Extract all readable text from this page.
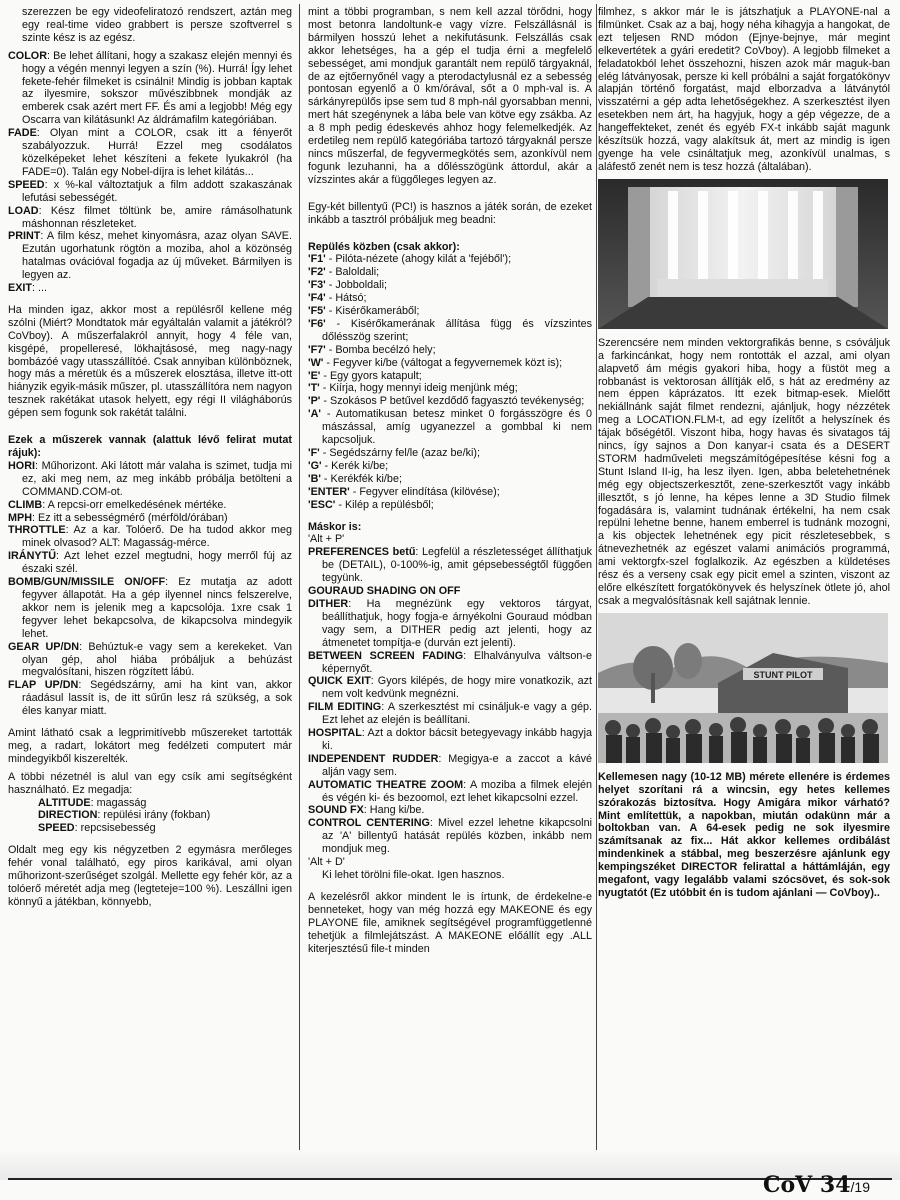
szerezzen be egy videofeliratozó rendszert, aztán meg egy real-time video grabbert is persze szoftverrel s szinte kész is az egész.

COLOR: Be lehet állítani, hogy a szakasz elején mennyi és hogy a végén mennyi legyen a szín (%). Hurrá! Így lehet fekete-fehér filmeket is csinálni! Mindig is jobban kaptak az ilyesmire, sokszor művészibbnek mondják az emberek csak azért mert FF. És ami a legjobb! Még egy Oscarra van kilátásunk! Az áldrámafilm kategóriában.

FADE: Olyan mint a COLOR, csak itt a fényerőt szabályozzuk. Hurrá! Ezzel meg csodálatos közelképeket lehet készíteni a fekete lyukakról (ha FADE=0). Talán egy Nobel-díjra is lehet kilátás...

SPEED: x %-kal változtatjuk a film addott szakaszának lefutási sebességét.

LOAD: Kész filmet töltünk be, amire rámásolhatunk máshonnan részleteket.

PRINT: A film kész, mehet kinyomásra, azaz olyan SAVE. Ezután ugorhatunk rögtön a moziba, ahol a közönség hatalmas ovációval fogadja az új műveket. Bármilyen is legyen az.

EXIT: ...

Ha minden igaz, akkor most a repülésről kellene még szólni (Miért? Mondtatok már egyáltalán valamit a játékról? CoVboy). A műszerfalakról annyit, hogy 4 féle van, kisgépé, propelleresé, lökhajtásosé, meg nagy-nagy bombázóé vagy utasszállítóé. Csak annyiban különböznek, hogy más a méretük és a műszerek elosztása, illetve itt-ott hiányzik egyik-másik műszer, pl. utasszállítóra nem nagyon tesznek rakétákat utasok helyett, egy régi II világháborús gépen sem fogunk sok rakétát találni.

Ezek a műszerek vannak (alattuk lévő felirat mutat rájuk):

HORI: Műhorizont. Aki látott már valaha is szimet, tudja mi ez, aki meg nem, az meg inkább próbálja betölteni a COMMAND.COM-ot.

CLIMB: A repcsi-orr emelkedésének mértéke.

MPH: Ez itt a sebességmérő (mérföld/órában)

THROTTLE: Az a kar. Tolóerő. De ha tudod akkor meg minek olvasod? ALT: Magasság-mérce.

IRÁNYTŰ: Azt lehet ezzel megtudni, hogy merről fúj az északi szél.

BOMB/GUN/MISSILE ON/OFF: Ez mutatja az adott fegyver állapotát. Ha a gép ilyennel nincs felszerelve, akkor nem is jelenik meg a kapcsolója. 1xre csak 1 fegyver lehet bekapcsolva, de kikapcsolva mindegyik lehet.

GEAR UP/DN: Behúztuk-e vagy sem a kerekeket. Van olyan gép, ahol hiába próbáljuk a behúzást megvalósítani, hiszen rögzített lábú.

FLAP UP/DN: Segédszárny, ami ha kint van, akkor ráadásul lassít is, de itt sűrűn lesz rá szükség, a sok éles kanyar miatt.

Amint látható csak a legprimitívebb műszereket tartották meg, a radart, lokátort meg fedélzeti computert már mindegyikből kiszerelték.

A többi nézetnél is alul van egy csík ami segítségként használható. Ez megadja:

ALTITUDE: magasság

DIRECTION: repülési irány (fokban)

SPEED: repcsisebesség

Oldalt meg egy kis négyzetben 2 egymásra merőleges fehér vonal található, egy piros karikával, ami olyan műhorizont-szerűséget szolgál. Mellette egy fehér kör, az a tolóerő méretét adja meg (legteteje=100 %). Leszállni igen könnyű a játékban, könnyebb,

mint a többi programban, s nem kell azzal törődni, hogy most betonra landoltunk-e vagy vízre. Felszállásnál is bármilyen hosszú lehet a nekifutásunk. Felszállás csak akkor lehetséges, ha a gép el tudja érni a megfelelő sebességet, ami mondjuk garantált nem repülő tárgyaknál, de az ejtőernyőnél vagy a pterodactylusnál ez a sebesség pontosan egyenlő a 0 km/órával, sőt a 0 mph-val is. A sárkányrepülős ipse sem tud 8 mph-nál gyorsabban menni, mert hát szegénynek a lába bele van kötve egy zsákba. Az a 8 mph pedig édeskevés ahhoz hogy felemelkedjék. Az erdetileg nem repülő kategóriába tartozó tárgyaknál persze nincs műszerfal, de fegyvermegkötés sem, azonkívül nem fogunk lezuhanni, ha a dőlésszögünk áttordul, akár a vízszintes akár a függőleges legyen az.

Egy-két billentyű (PC!) is hasznos a játék során, de ezeket inkább a tasztról próbáljuk meg beadni:

Repülés közben (csak akkor):

'F1' - Pilóta-nézete (ahogy kilát a 'fejéből');

'F2' - Baloldali;

'F3' - Jobboldali;

'F4' - Hátsó;

'F5' - Kisérőkameráből;

'F6' - Kisérőkamerának állítása függ és vízszintes dőlésszög szerint;

'F7' - Bomba becélzó hely;

'W' - Fegyver ki/be (váltogat a fegyvernemek közt is);

'E' - Egy gyors katapult;

'T' - Kiírja, hogy mennyi ideig menjünk még;

'P' - Szokásos P betűvel kezdődő fagyasztó tevékenység;

'A' - Automatikusan betesz minket 0 forgásszögre és 0 mászással, amíg ugyanezzel a gombbal ki nem kapcsoljuk.

'F' - Segédszárny fel/le (azaz be/ki);

'G' - Kerék ki/be;

'B' - Kerékfék ki/be;

'ENTER' - Fegyver elindítása (kilövése);

'ESC' - Kilép a repülésből;

Máskor is:

'Alt + P'

PREFERENCES betű: Legfelül a részletességet állíthatjuk be (DETAIL), 0-100%-ig, amit gépsebességtől függően tegyünk.

GOURAUD SHADING ON OFF

DITHER: Ha megnézünk egy vektoros tárgyat, beállíthatjuk, hogy fogja-e árnyékolni Gouraud módban vagy sem, a DITHER pedig azt jelenti, hogy az átmenetet tompítja-e (durván ezt jelenti).

BETWEEN SCREEN FADING: Elhalványulva váltson-e képernyőt.

QUICK EXIT: Gyors kilépés, de hogy mire vonatkozik, azt nem volt kedvünk megnézni.

FILM EDITING: A szerkesztést mi csináljuk-e vagy a gép. Ezt lehet az elején is beállítani.

HOSPITAL: Azt a doktor bácsit betegyevagy inkább hagyja ki.

INDEPENDENT RUDDER: Megigya-e a zaccot a kávé alján vagy sem.

AUTOMATIC THEATRE ZOOM: A moziba a filmek elején és végén ki- és bezoomol, ezt lehet kikapcsolni ezzel.

SOUND FX: Hang ki/be.

CONTROL CENTERING: Mivel ezzel lehetne kikapcsolni az 'A' billentyű hatását repülés közben, inkább nem mondjuk meg.

'Alt + D'

Ki lehet törölni file-okat. Igen hasznos.

A kezelésről akkor mindent le is írtunk, de érdekelne-e benneteket, hogy van még hozzá egy MAKEONE és egy PLAYONE file, amiknek segítségével programfüggetlenné tehetjük a filmlejátszást. A MAKEONE előállít egy .ALL kiterjesztésű file-t minden

filmhez, s akkor már le is játszhatjuk a PLAYONE-nal a filmünket. Csak az a baj, hogy néha kihagyja a hangokat, de ezt teljesen RND módon (Ejnye-bejnye, már megint elkevertétek a gyári eredetit? CoVboy). A legjobb filmeket a feladatokból lehet összehozni, hiszen azok már maguk-ban elég látványosak, persze ki kell próbálni a saját forgatókönyv alapján történő forgatást, majd elborzadva a látványtól visszatérni a gép adta lehetőségekhez. A szerkesztést ilyen esetekben nem árt, ha hagyjuk, hogy a gép végezze, de a hangeffekteket, zenét és egyéb FX-t inkább saját magunk készítsük hozzá, vagy alakítsuk át, mert az mindig is igen gyenge ha vele csináltatjuk meg, azonkívül unalmas, s aláfestő zenét nem is tesz hozzá (általában).

Szerencsére nem minden vektorgrafikás benne, s csóváljuk a farkincánkat, hogy nem rontották el azzal, ami olyan alapvető ám mégis gyakori hiba, hogy a füstöt meg a robbanást is vektorosan állítják elő, s hát az eredmény az nem éppen káprázatos. Itt ezek bitmap-esek. Mielőtt nekiállnánk saját filmet rendezni, ajánljuk, hogy nézzétek meg a LOCATION.FLM-t, ad egy ízelítőt a helyszínek és tájak bőségétől. Viszont hiba, hogy havas és sivatagos táj nincs, így sajnos a Don kanyar-i csata és a DESERT STORM hadműveleti megszámítógépesítése késni fog a Stunt Island II-ig, ha lesz ilyen. Igen, abba beletehetnének még egy objectszerkesztőt, zene-szerkesztőt vagy inkább illesztőt, s jó lenne, ha képes lenne a 3D Studio filmek fogadására is, valamint tudnának értékelni, ha nem csak repülni lehetne benne, hanem emberrel is tudnánk mozogni, a kis objectek lehetnének egy picit részletesebbek, s átnevezhetnék az egészet valami animációs programmá, ami vektorgfx-szel foglalkozik. Az egészben a küldetéses rész és a verseny csak egy picit emel a szinten, viszont az előre elkészített forgatókönyvek és helyszínek ötlete jó, ahol csak a megvalósításnak kell sajátnak lennie.

STUNT PILOT

Kellemesen nagy (10-12 MB) mérete ellenére is érdemes helyet szorítani rá a wincsin, egy hetes kellemes szórakozás biztosítva. Hogy Amigára mikor várható? Mint említettük, a napokban, miután odakünn már a boltokban van. A 64-esek pedig ne sok ilyesmire számítsanak az fix... Hát akkor kellemes ordibálást mindenkinek a stábbal, meg beszerzésre ajánlunk egy kempingszéket DIRECTOR felirattal a háttámláján, egy megafont, vagy legalább valami szócsövet, és sok-sok nyugtatót (Ez utóbbit én is tudom ajánlani — CoVboy)..

CoV 34/19
